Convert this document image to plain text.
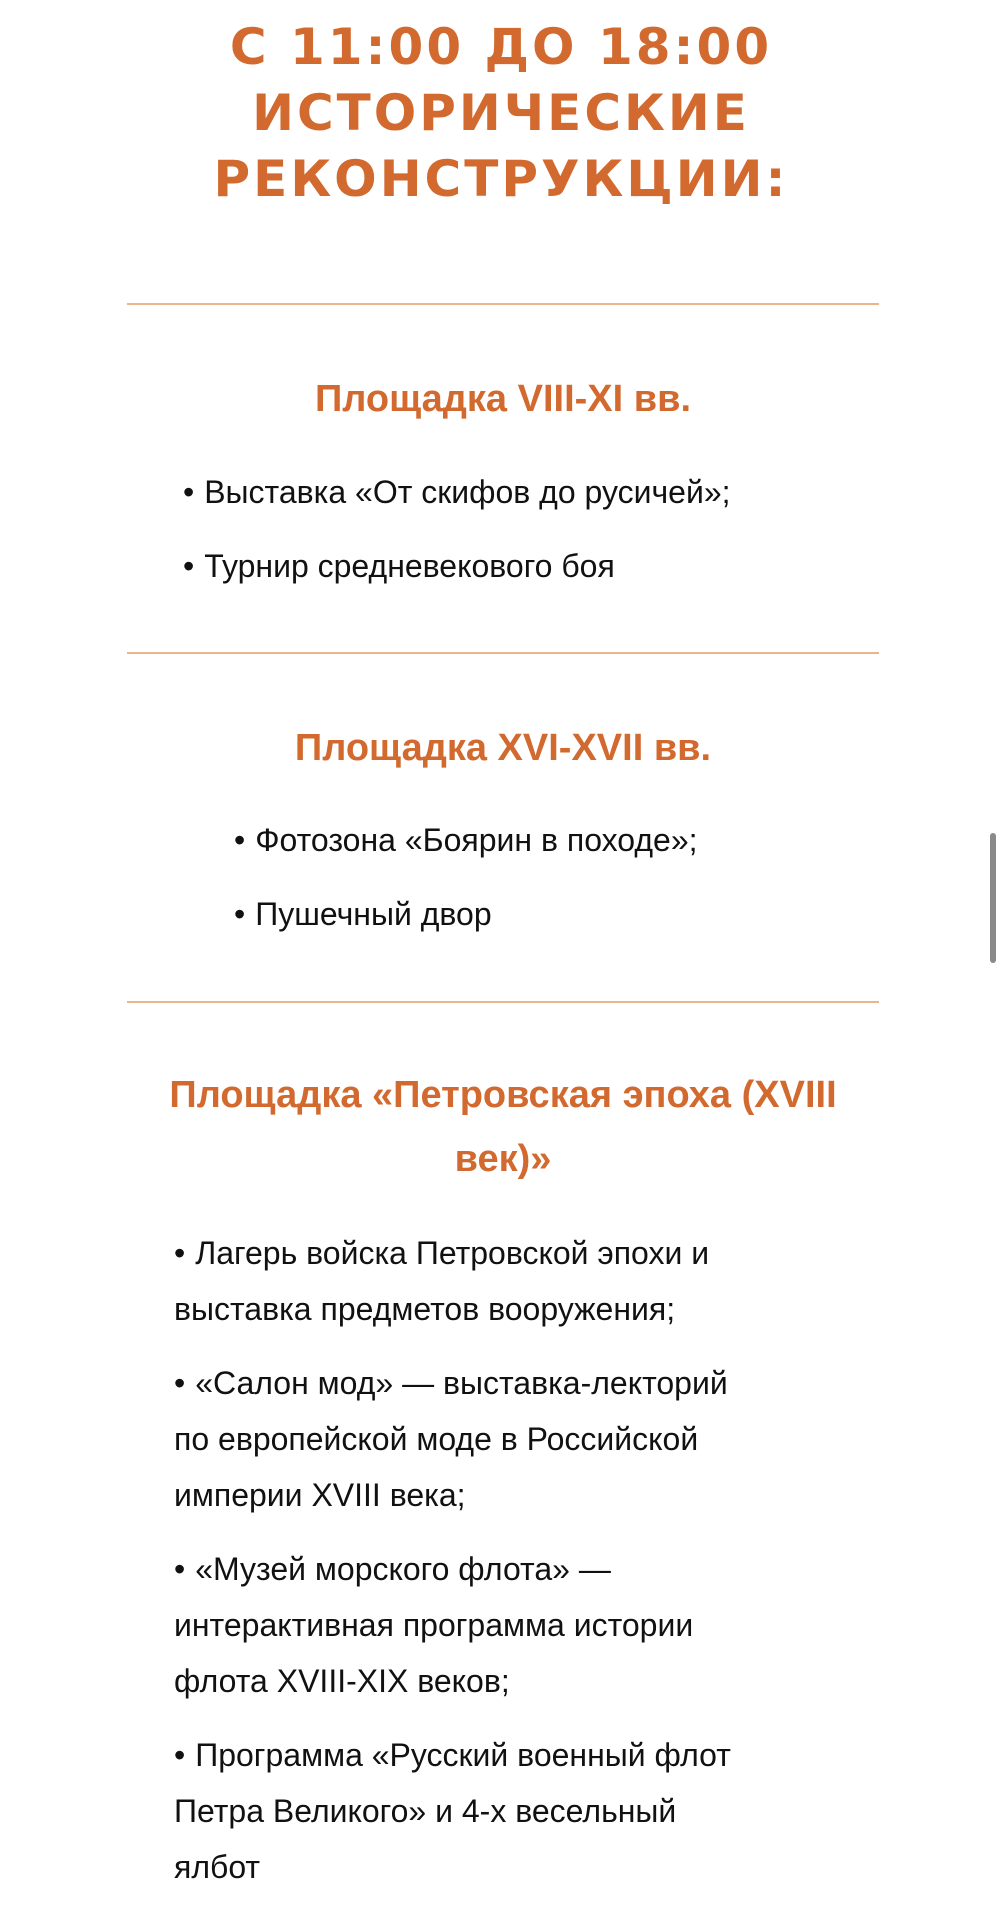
С 11:00 ДО 18:00
ИСТОРИЧЕСКИЕ
РЕКОНСТРУКЦИИ:
Площадка VIII-XI вв.
• Выставка «От скифов до русичей»;
• Турнир средневекового боя
Площадка XVI-XVII вв.
• Фотозона «Боярин в походе»;
• Пушечный двор
Площадка «Петровская эпоха (XVIII
век)»
• Лагерь войска Петровской эпохи и
выставка предметов вооружения;
• «Салон мод» — выставка-лекторий
по европейской моде в Российской
империи XVIII века;
• «Музей морского флота» —
интерактивная программа истории
флота XVIII-XIX веков;
• Программа «Русский военный флот
Петра Великого» и 4-х весельный
ялбот
